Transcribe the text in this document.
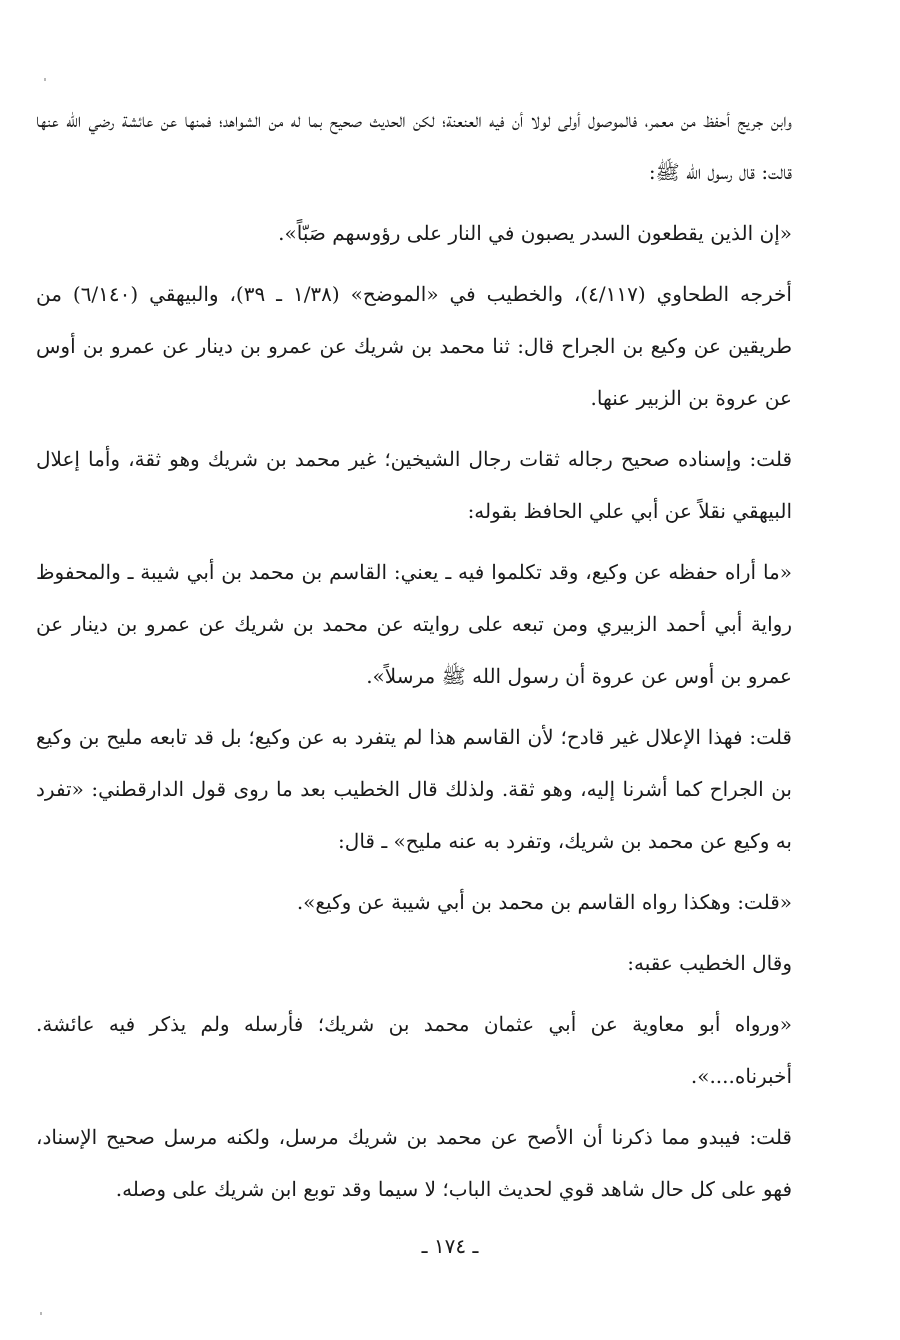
وابن جريج أحفظ من معمر، فالموصول أولى لولا أن فيه العنعنة؛ لكن الحديث صحيح بما له من الشواهد؛ فمنها عن عائشة رضي الله عنها قالت: قال رسول الله ﷺ:

«إن الذين يقطعون السدر يصبون في النار على رؤوسهم صَبّاً».

أخرجه الطحاوي (٤/١١٧)، والخطيب في «الموضح» (١/٣٨ ـ ٣٩)، والبيهقي (٦/١٤٠) من طريقين عن وكيع بن الجراح قال: ثنا محمد بن شريك عن عمرو بن دينار عن عمرو بن أوس عن عروة بن الزبير عنها.

قلت: وإسناده صحيح رجاله ثقات رجال الشيخين؛ غير محمد بن شريك وهو ثقة، وأما إعلال البيهقي نقلاً عن أبي علي الحافظ بقوله:

«ما أراه حفظه عن وكيع، وقد تكلموا فيه ـ يعني: القاسم بن محمد بن أبي شيبة ـ والمحفوظ رواية أبي أحمد الزبيري ومن تبعه على روايته عن محمد بن شريك عن عمرو بن دينار عن عمرو بن أوس عن عروة أن رسول الله ﷺ مرسلاً».

قلت: فهذا الإعلال غير قادح؛ لأن القاسم هذا لم يتفرد به عن وكيع؛ بل قد تابعه مليح بن وكيع بن الجراح كما أشرنا إليه، وهو ثقة. ولذلك قال الخطيب بعد ما روى قول الدارقطني: «تفرد به وكيع عن محمد بن شريك، وتفرد به عنه مليح» ـ قال:

«قلت: وهكذا رواه القاسم بن محمد بن أبي شيبة عن وكيع».

وقال الخطيب عقبه:

«ورواه أبو معاوية عن أبي عثمان محمد بن شريك؛ فأرسله ولم يذكر فيه عائشة. أخبرناه....».

قلت: فيبدو مما ذكرنا أن الأصح عن محمد بن شريك مرسل، ولكنه مرسل صحيح الإسناد، فهو على كل حال شاهد قوي لحديث الباب؛ لا سيما وقد توبع ابن شريك على وصله.

ـ ١٧٤ ـ
